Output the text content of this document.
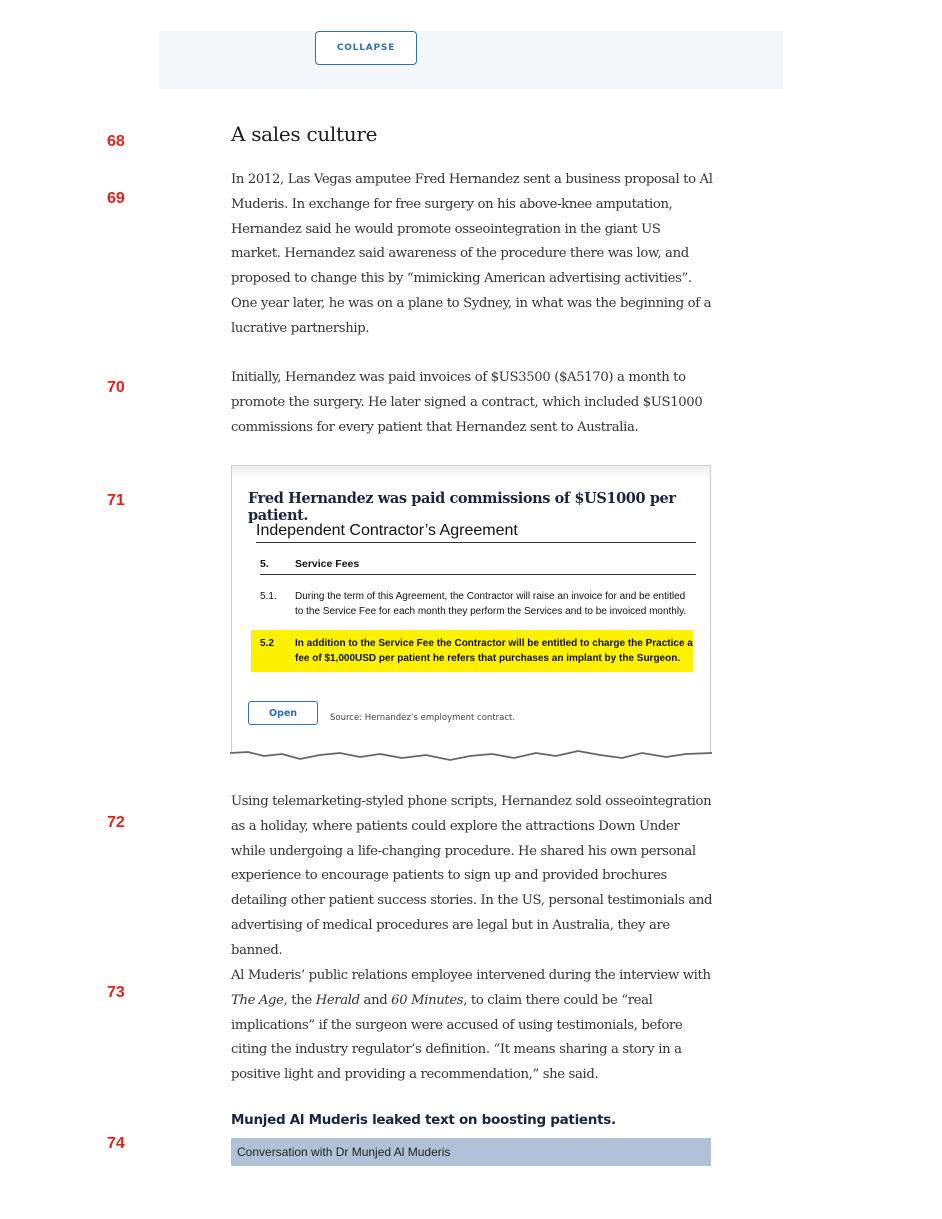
COLLAPSE
68
69
70
71
72
73
74
A sales culture

In 2012, Las Vegas amputee Fred Hernandez sent a business proposal to Al Muderis. In exchange for free surgery on his above-knee amputation, Hernandez said he would promote osseointegration in the giant US market. Hernandez said awareness of the procedure there was low, and proposed to change this by “mimicking American advertising activities”. One year later, he was on a plane to Sydney, in what was the beginning of a lucrative partnership.

Initially, Hernandez was paid invoices of $US3500 ($A5170) a month to promote the surgery. He later signed a contract, which included $US1000 commissions for every patient that Hernandez sent to Australia.

Fred Hernandez was paid commissions of $US1000 per patient.
Independent Contractor’s Agreement
5. Service Fees
5.1. During the term of this Agreement, the Contractor will raise an invoice for and be entitled to the Service Fee for each month they perform the Services and to be invoiced monthly.
5.2 In addition to the Service Fee the Contractor will be entitled to charge the Practice a fee of $1,000USD per patient he refers that purchases an implant by the Surgeon.
Open	Source: Hernandez’s employment contract.

Using telemarketing-styled phone scripts, Hernandez sold osseointegration as a holiday, where patients could explore the attractions Down Under while undergoing a life-changing procedure. He shared his own personal experience to encourage patients to sign up and provided brochures detailing other patient success stories. In the US, personal testimonials and advertising of medical procedures are legal but in Australia, they are banned.

Al Muderis’ public relations employee intervened during the interview with The Age, the Herald and 60 Minutes, to claim there could be “real implications” if the surgeon were accused of using testimonials, before citing the industry regulator’s definition. “It means sharing a story in a positive light and providing a recommendation,” she said.

Munjed Al Muderis leaked text on boosting patients.
Conversation with Dr Munjed Al Muderis
